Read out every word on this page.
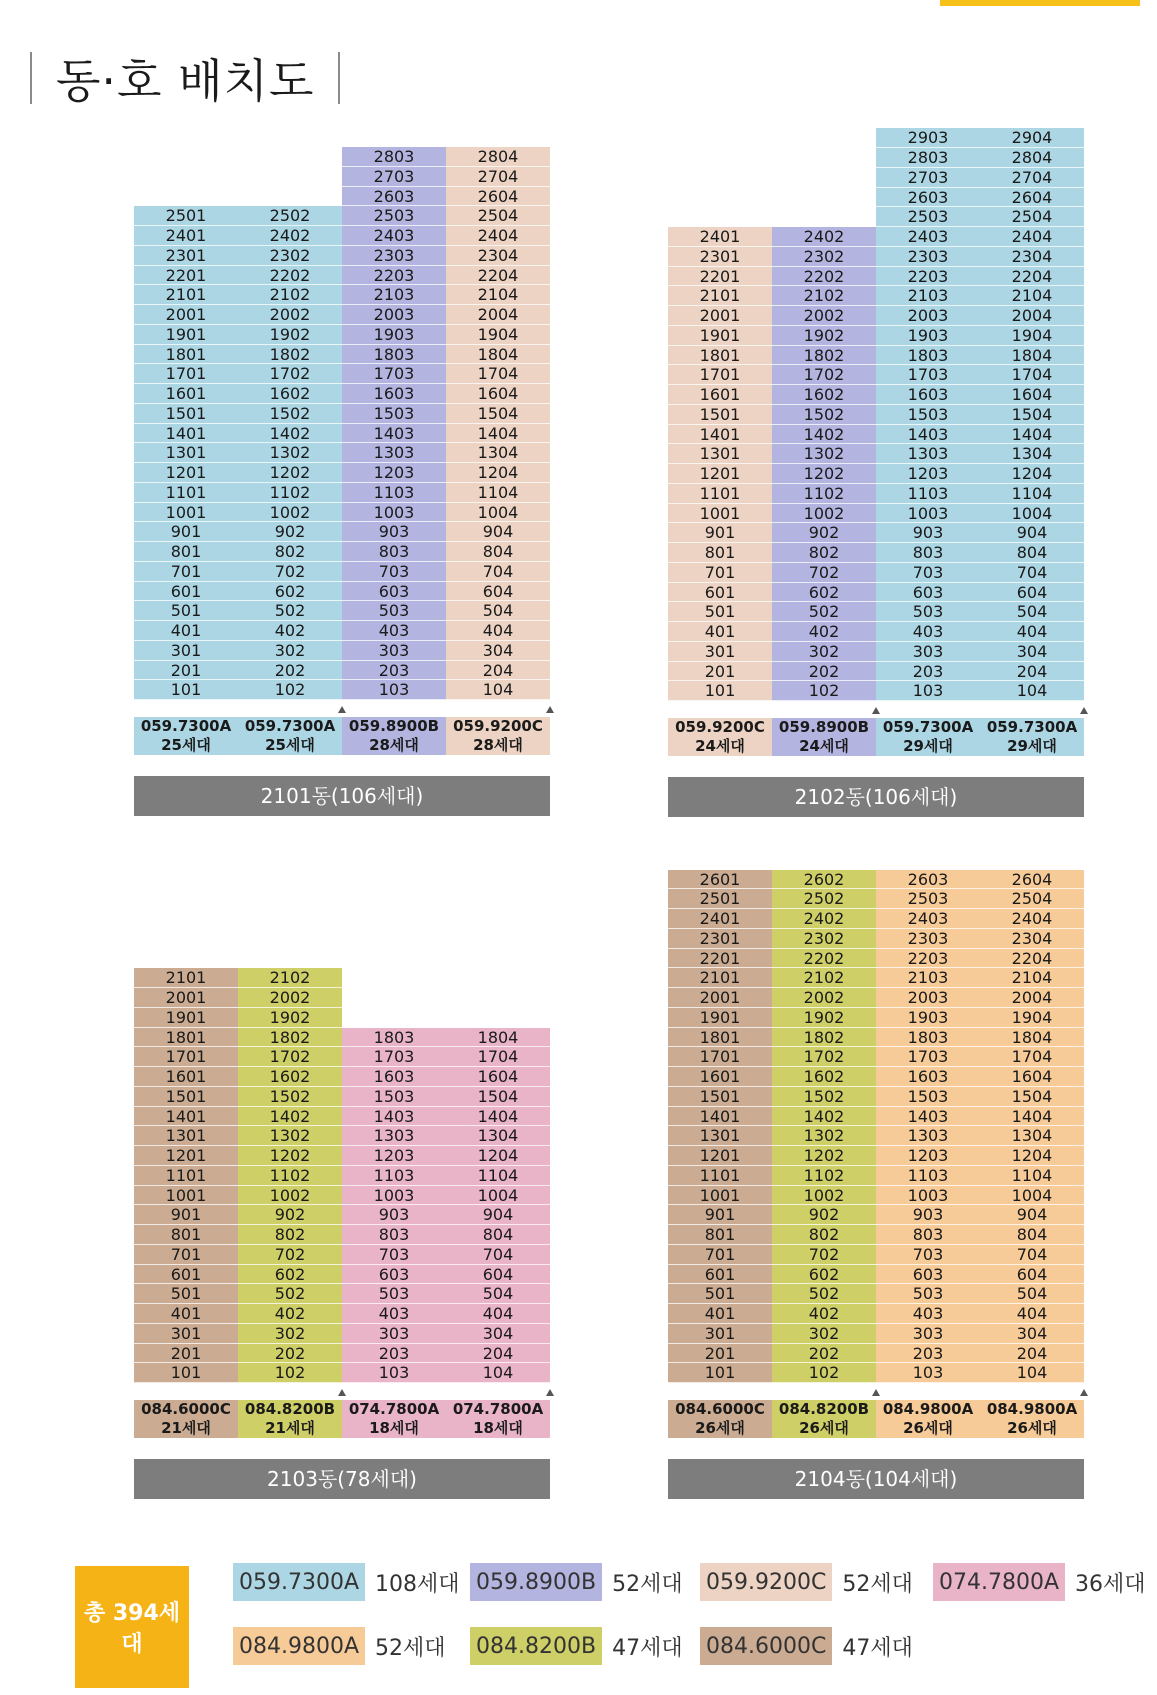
동·호 배치도
101
201
301
401
501
601
701
801
901
1001
1101
1201
1301
1401
1501
1601
1701
1801
1901
2001
2101
2201
2301
2401
2501
059.7300A
25세대
102
202
302
402
502
602
702
802
902
1002
1102
1202
1302
1402
1502
1602
1702
1802
1902
2002
2102
2202
2302
2402
2502
059.7300A
25세대
103
203
303
403
503
603
703
803
903
1003
1103
1203
1303
1403
1503
1603
1703
1803
1903
2003
2103
2203
2303
2403
2503
2603
2703
2803
059.8900B
28세대
104
204
304
404
504
604
704
804
904
1004
1104
1204
1304
1404
1504
1604
1704
1804
1904
2004
2104
2204
2304
2404
2504
2604
2704
2804
059.9200C
28세대
2101동(106세대)
101
201
301
401
501
601
701
801
901
1001
1101
1201
1301
1401
1501
1601
1701
1801
1901
2001
2101
2201
2301
2401
059.9200C
24세대
102
202
302
402
502
602
702
802
902
1002
1102
1202
1302
1402
1502
1602
1702
1802
1902
2002
2102
2202
2302
2402
059.8900B
24세대
103
203
303
403
503
603
703
803
903
1003
1103
1203
1303
1403
1503
1603
1703
1803
1903
2003
2103
2203
2303
2403
2503
2603
2703
2803
2903
059.7300A
29세대
104
204
304
404
504
604
704
804
904
1004
1104
1204
1304
1404
1504
1604
1704
1804
1904
2004
2104
2204
2304
2404
2504
2604
2704
2804
2904
059.7300A
29세대
2102동(106세대)
101
201
301
401
501
601
701
801
901
1001
1101
1201
1301
1401
1501
1601
1701
1801
1901
2001
2101
084.6000C
21세대
102
202
302
402
502
602
702
802
902
1002
1102
1202
1302
1402
1502
1602
1702
1802
1902
2002
2102
084.8200B
21세대
103
203
303
403
503
603
703
803
903
1003
1103
1203
1303
1403
1503
1603
1703
1803
074.7800A
18세대
104
204
304
404
504
604
704
804
904
1004
1104
1204
1304
1404
1504
1604
1704
1804
074.7800A
18세대
2103동(78세대)
101
201
301
401
501
601
701
801
901
1001
1101
1201
1301
1401
1501
1601
1701
1801
1901
2001
2101
2201
2301
2401
2501
2601
084.6000C
26세대
102
202
302
402
502
602
702
802
902
1002
1102
1202
1302
1402
1502
1602
1702
1802
1902
2002
2102
2202
2302
2402
2502
2602
084.8200B
26세대
103
203
303
403
503
603
703
803
903
1003
1103
1203
1303
1403
1503
1603
1703
1803
1903
2003
2103
2203
2303
2403
2503
2603
084.9800A
26세대
104
204
304
404
504
604
704
804
904
1004
1104
1204
1304
1404
1504
1604
1704
1804
1904
2004
2104
2204
2304
2404
2504
2604
084.9800A
26세대
2104동(104세대)
총 394세대
059.7300A 108세대 059.8900B 52세대 059.9200C 52세대 074.7800A 36세대
084.9800A 52세대 084.8200B 47세대 084.6000C 47세대
